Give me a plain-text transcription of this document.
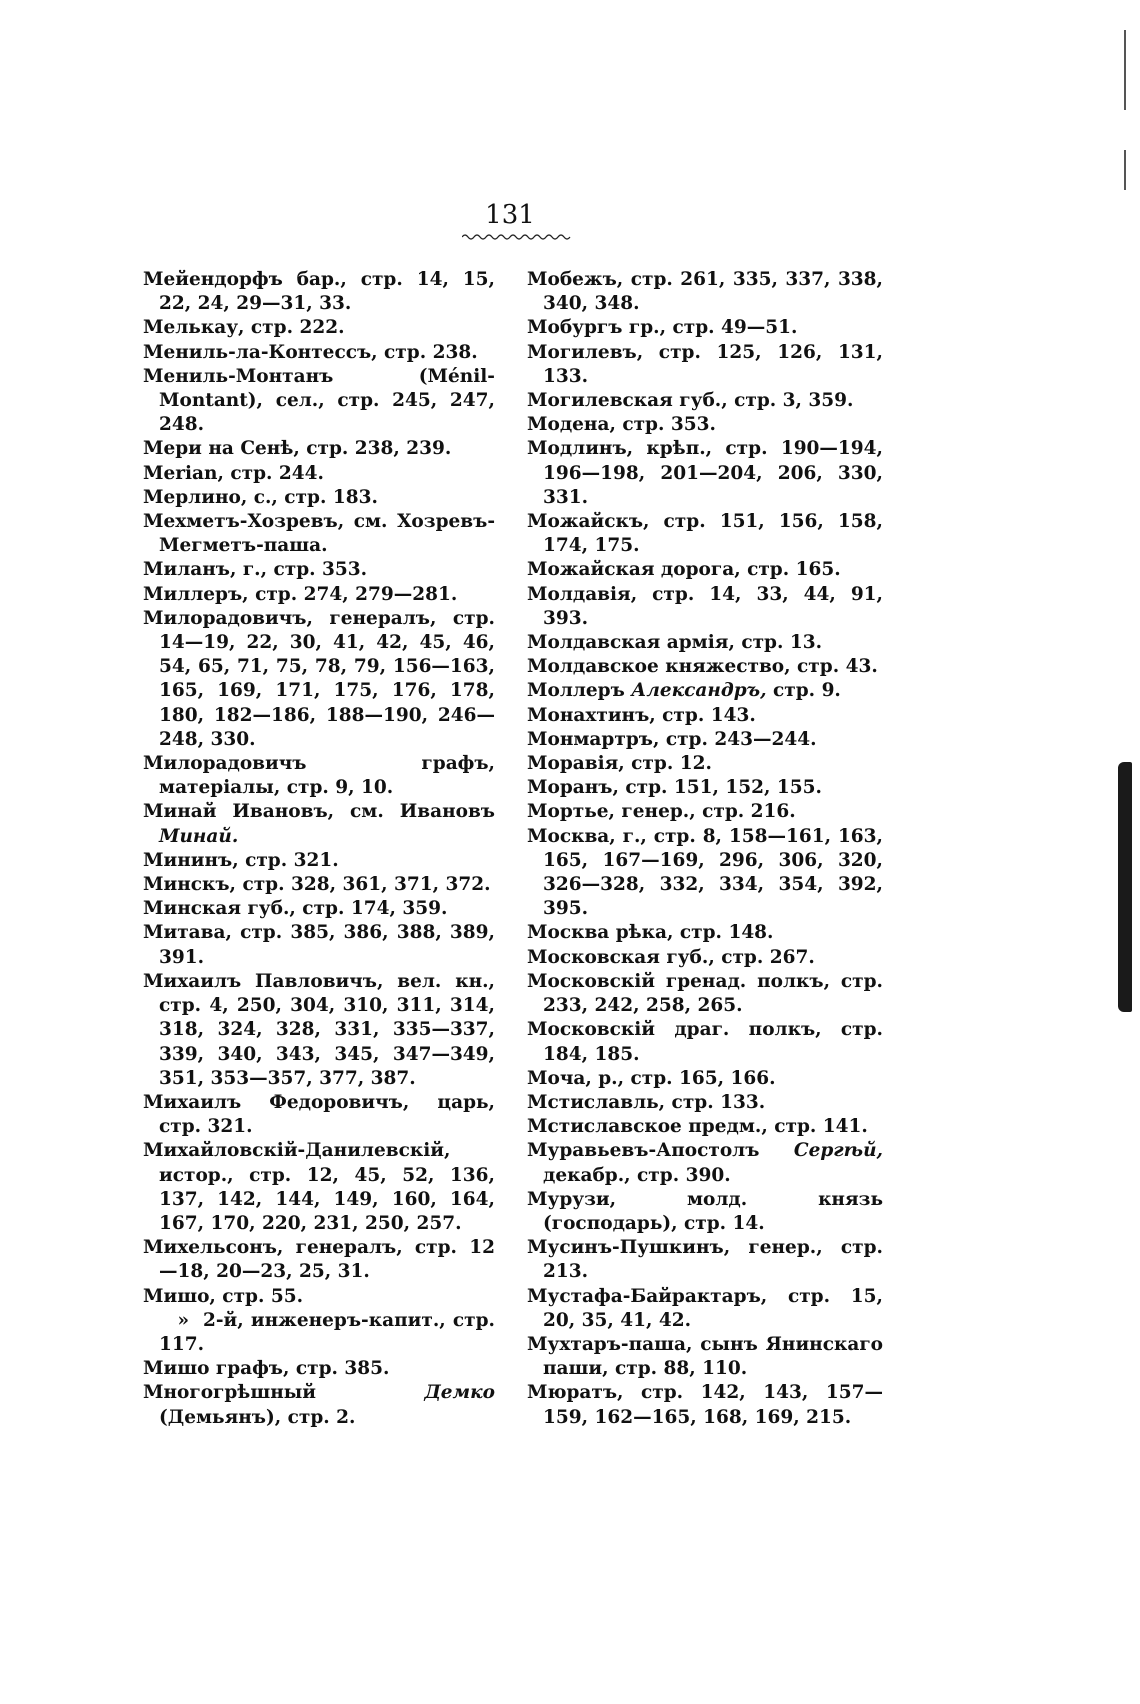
131
Мейендорфъ бар., стр. 14, 15, 22, 24, 29—31, 33.
Мелькау, стр. 222.
Мениль-ла-Контессъ, стр. 238.
Мениль-Монтанъ (Ménil-Montant), сел., стр. 245, 247, 248.
Мери на Сенѣ, стр. 238, 239.
Merian, стр. 244.
Мерлино, с., стр. 183.
Мехметъ-Хозревъ, см. Хозревъ-Мегметъ-паша.
Миланъ, г., стр. 353.
Миллеръ, стр. 274, 279—281.
Милорадовичъ, генералъ, стр. 14—19, 22, 30, 41, 42, 45, 46, 54, 65, 71, 75, 78, 79, 156—163, 165, 169, 171, 175, 176, 178, 180, 182—186, 188—190, 246—248, 330.
Милорадовичъ графъ, матеріалы, стр. 9, 10.
Минай Ивановъ, см. Ивановъ Минай.
Мининъ, стр. 321.
Минскъ, стр. 328, 361, 371, 372.
Минская губ., стр. 174, 359.
Митава, стр. 385, 386, 388, 389, 391.
Михаилъ Павловичъ, вел. кн., стр. 4, 250, 304, 310, 311, 314, 318, 324, 328, 331, 335—337, 339, 340, 343, 345, 347—349, 351, 353—357, 377, 387.
Михаилъ Федоровичъ, царь, стр. 321.
Михайловскій-Данилевскій, истор., стр. 12, 45, 52, 136, 137, 142, 144, 149, 160, 164, 167, 170, 220, 231, 250, 257.
Михельсонъ, генералъ, стр. 12—18, 20—23, 25, 31.
Мишо, стр. 55.
» 2-й, инженеръ-капит., стр. 117.
Мишо графъ, стр. 385.
Многогрѣшный Демко (Демьянъ), стр. 2.
Мобежъ, стр. 261, 335, 337, 338, 340, 348.
Мобургъ гр., стр. 49—51.
Могилевъ, стр. 125, 126, 131, 133.
Могилевская губ., стр. 3, 359.
Модена, стр. 353.
Модлинъ, крѣп., стр. 190—194, 196—198, 201—204, 206, 330, 331.
Можайскъ, стр. 151, 156, 158, 174, 175.
Можайская дорога, стр. 165.
Молдавія, стр. 14, 33, 44, 91, 393.
Молдавская армія, стр. 13.
Молдавское княжество, стр. 43.
Моллеръ Александръ, стр. 9.
Монахтинъ, стр. 143.
Монмартръ, стр. 243—244.
Моравія, стр. 12.
Моранъ, стр. 151, 152, 155.
Мортье, генер., стр. 216.
Москва, г., стр. 8, 158—161, 163, 165, 167—169, 296, 306, 320, 326—328, 332, 334, 354, 392, 395.
Москва рѣка, стр. 148.
Московская губ., стр. 267.
Московскій гренад. полкъ, стр. 233, 242, 258, 265.
Московскій драг. полкъ, стр. 184, 185.
Моча, р., стр. 165, 166.
Мстиславль, стр. 133.
Мстиславское предм., стр. 141.
Муравьевъ-Апостолъ Сергѣй, декабр., стр. 390.
Мурузи, молд. князь (господарь), стр. 14.
Мусинъ-Пушкинъ, генер., стр. 213.
Мустафа-Байрактаръ, стр. 15, 20, 35, 41, 42.
Мухтаръ-паша, сынъ Янинскаго паши, стр. 88, 110.
Мюратъ, стр. 142, 143, 157—159, 162—165, 168, 169, 215.
